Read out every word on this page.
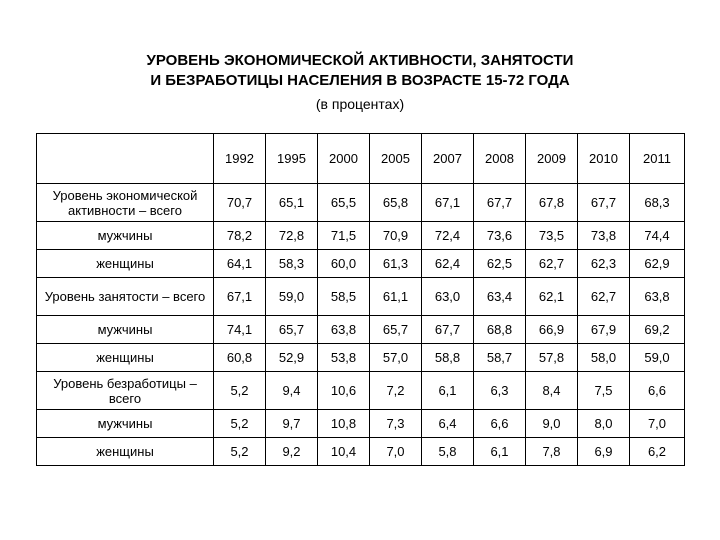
УРОВЕНЬ ЭКОНОМИЧЕСКОЙ АКТИВНОСТИ, ЗАНЯТОСТИ
И БЕЗРАБОТИЦЫ НАСЕЛЕНИЯ В ВОЗРАСТЕ 15-72 ГОДА
(в процентах)
	1992	1995	2000	2005	2007	2008	2009	2010	2011
Уровень экономической активности – всего	70,7	65,1	65,5	65,8	67,1	67,7	67,8	67,7	68,3
мужчины	78,2	72,8	71,5	70,9	72,4	73,6	73,5	73,8	74,4
женщины	64,1	58,3	60,0	61,3	62,4	62,5	62,7	62,3	62,9
Уровень занятости – всего	67,1	59,0	58,5	61,1	63,0	63,4	62,1	62,7	63,8
мужчины	74,1	65,7	63,8	65,7	67,7	68,8	66,9	67,9	69,2
женщины	60,8	52,9	53,8	57,0	58,8	58,7	57,8	58,0	59,0
Уровень безработицы – всего	5,2	9,4	10,6	7,2	6,1	6,3	8,4	7,5	6,6
мужчины	5,2	9,7	10,8	7,3	6,4	6,6	9,0	8,0	7,0
женщины	5,2	9,2	10,4	7,0	5,8	6,1	7,8	6,9	6,2
